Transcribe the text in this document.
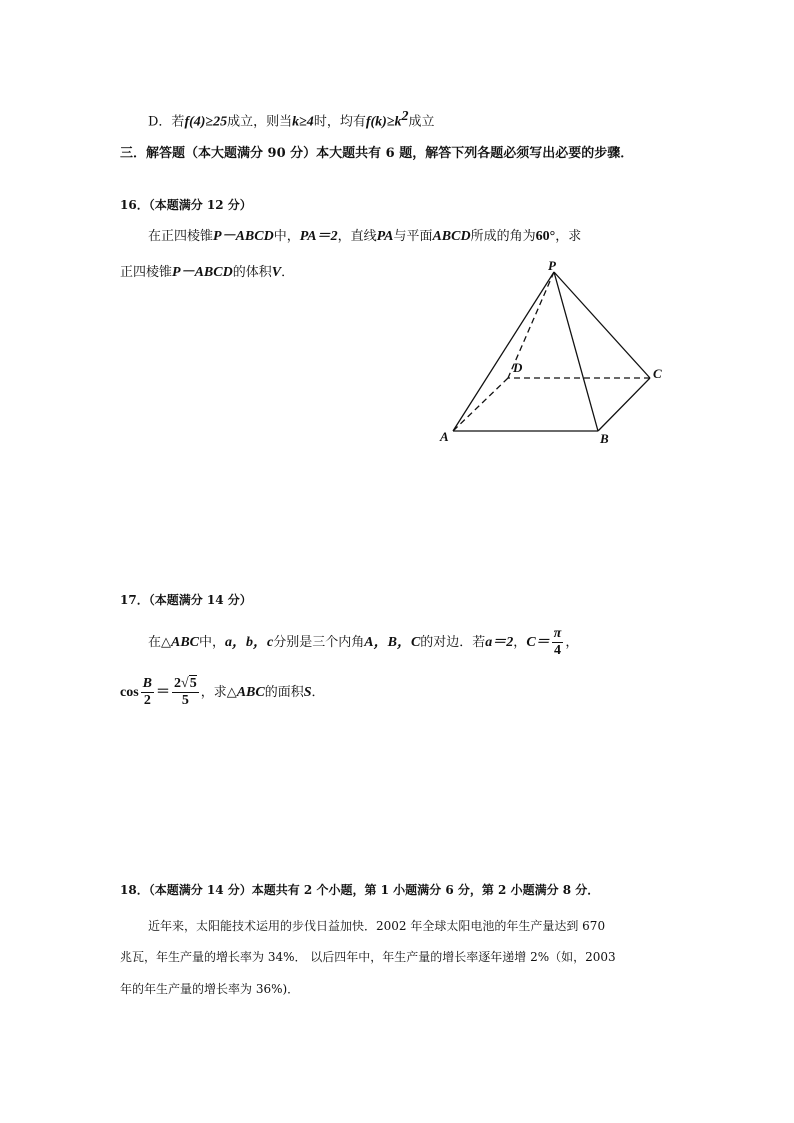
D．若f(4)≥25成立，则当k≥4时，均有$f(k)\ge k^2$成立
三．解答题（本大题满分 90 分）本大题共有 6 题，解答下列各题必须写出必要的步骤．
16．（本题满分 12 分）
在正四棱锥P－ABCD中，PA＝2，直线PA与平面ABCD所成的角为60°，求
正四棱锥P－ABCD的体积V．	P
D	C
A	B
17．（本题满分 14 分）
在△ABC中，a，b，c分别是三个内角A，B，C的对边．若a＝2，$C= \frac{\pi}{4}$ ，
$\cos \frac{B}{2} = \frac{2√5}{5}$ ，求△ABC的面积S．
18．（本题满分 14 分）本题共有 2 个小题，第 1 小题满分 6 分，第 2 小题满分 8 分．
近年来，太阳能技术运用的步伐日益加快．2002 年全球太阳电池的年生产量达到 670
兆瓦，年生产量的增长率为 34%． 以后四年中，年生产量的增长率逐年递增 2%（如，2003
年的年生产量的增长率为 36%)．
